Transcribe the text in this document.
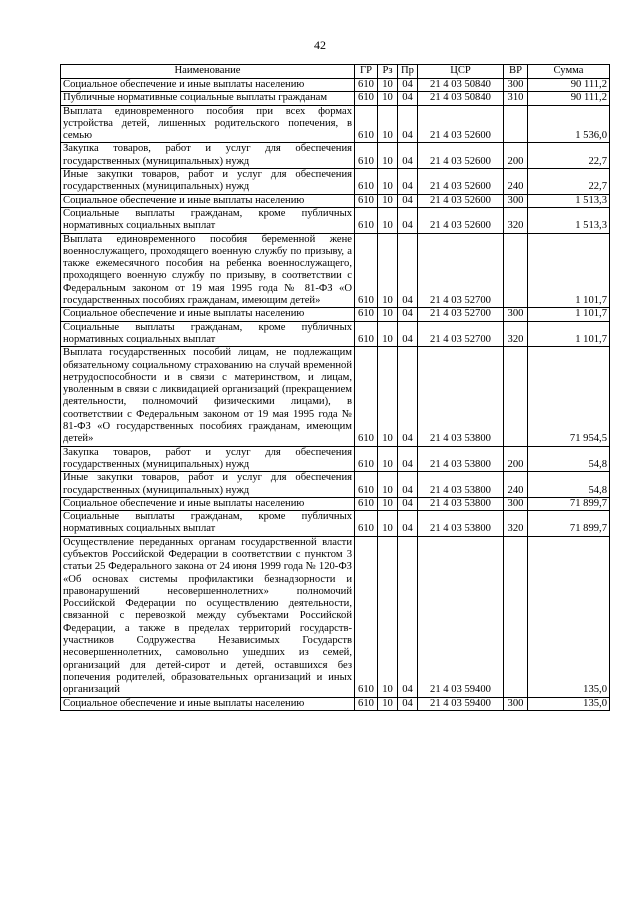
42
Наименование	ГР	Рз	Пр	ЦСР	ВР	Сумма
Социальное обеспечение и иные выплаты населению	610	10	04	21 4 03 50840	300	90 111,2
Публичные нормативные социальные выплаты гражданам	610	10	04	21 4 03 50840	310	90 111,2
Выплата единовременного пособия при всех формах устройства детей, лишенных родительского попечения, в семью	610	10	04	21 4 03 52600		1 536,0
Закупка товаров, работ и услуг для обеспечения государственных (муниципальных) нужд	610	10	04	21 4 03 52600	200	22,7
Иные закупки товаров, работ и услуг для обеспечения государственных (муниципальных) нужд	610	10	04	21 4 03 52600	240	22,7
Социальное обеспечение и иные выплаты населению	610	10	04	21 4 03 52600	300	1 513,3
Социальные выплаты гражданам, кроме публичных нормативных социальных выплат	610	10	04	21 4 03 52600	320	1 513,3
Выплата единовременного пособия беременной жене военнослужащего, проходящего военную службу по призыву, а также ежемесячного пособия на ребенка военнослужащего, проходящего военную службу по призыву, в соответствии с Федеральным законом от 19 мая 1995 года № 81-ФЗ «О государственных пособиях гражданам, имеющим детей»	610	10	04	21 4 03 52700		1 101,7
Социальное обеспечение и иные выплаты населению	610	10	04	21 4 03 52700	300	1 101,7
Социальные выплаты гражданам, кроме публичных нормативных социальных выплат	610	10	04	21 4 03 52700	320	1 101,7
Выплата государственных пособий лицам, не подлежащим обязательному социальному страхованию на случай временной нетрудоспособности и в связи с материнством, и лицам, уволенным в связи с ликвидацией организаций (прекращением деятельности, полномочий физическими лицами), в соответствии с Федеральным законом от 19 мая 1995 года № 81-ФЗ «О государственных пособиях гражданам, имеющим детей»	610	10	04	21 4 03 53800		71 954,5
Закупка товаров, работ и услуг для обеспечения государственных (муниципальных) нужд	610	10	04	21 4 03 53800	200	54,8
Иные закупки товаров, работ и услуг для обеспечения государственных (муниципальных) нужд	610	10	04	21 4 03 53800	240	54,8
Социальное обеспечение и иные выплаты населению	610	10	04	21 4 03 53800	300	71 899,7
Социальные выплаты гражданам, кроме публичных нормативных социальных выплат	610	10	04	21 4 03 53800	320	71 899,7
Осуществление переданных органам государственной власти субъектов Российской Федерации в соответствии с пунктом 3 статьи 25 Федерального закона от 24 июня 1999 года № 120-ФЗ «Об основах системы профилактики безнадзорности и правонарушений несовершеннолетних» полномочий Российской Федерации по осуществлению деятельности, связанной с перевозкой между субъектами Российской Федерации, а также в пределах территорий государств-участников Содружества Независимых Государств несовершеннолетних, самовольно ушедших из семей, организаций для детей-сирот и детей, оставшихся без попечения родителей, образовательных организаций и иных организаций	610	10	04	21 4 03 59400		135,0
Социальное обеспечение и иные выплаты населению	610	10	04	21 4 03 59400	300	135,0
